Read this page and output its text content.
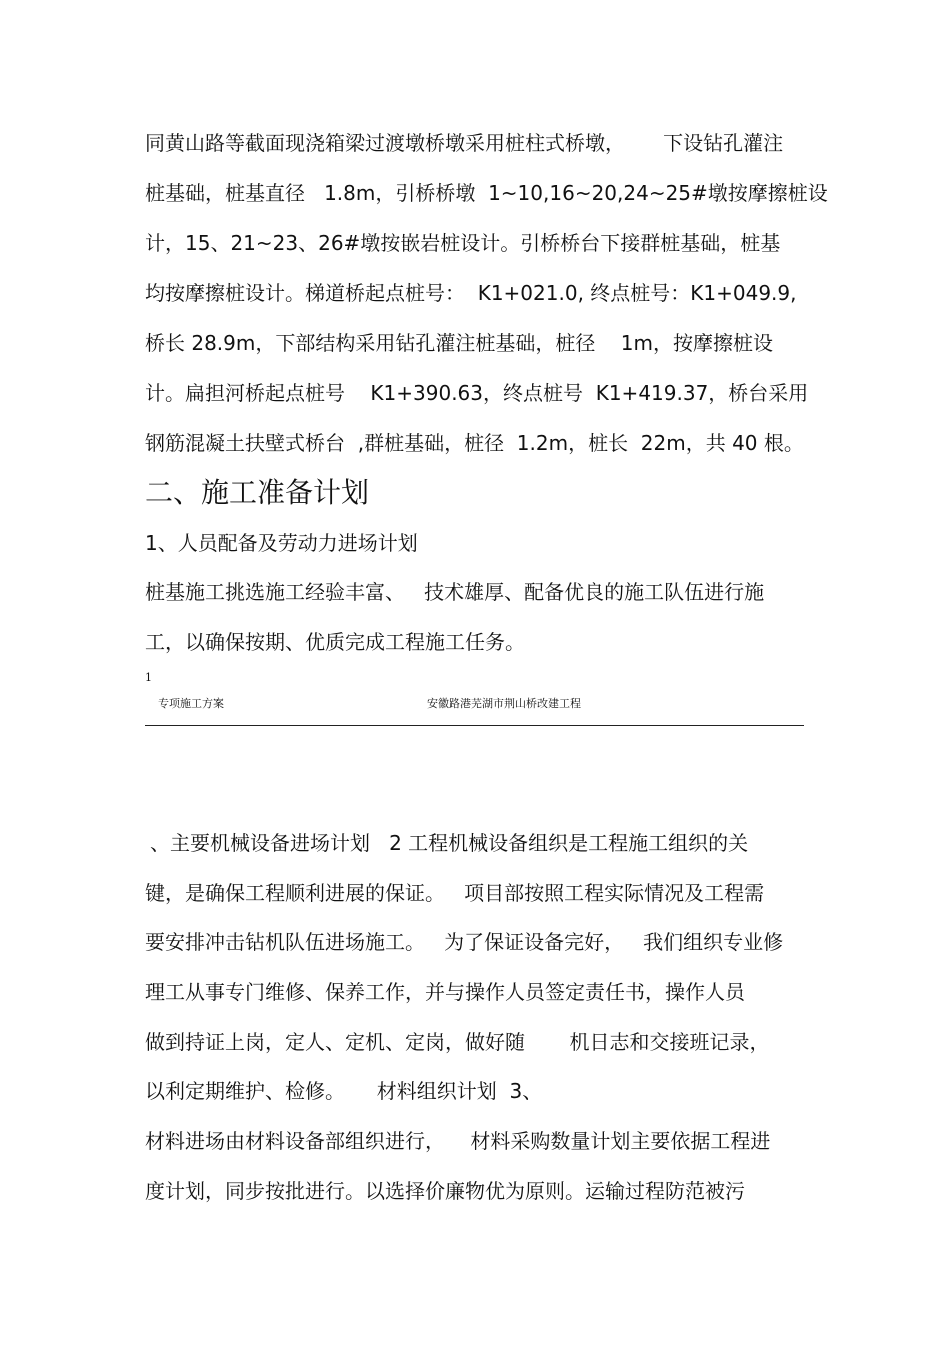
同黄山路等截面现浇箱梁过渡墩桥墩采用桩柱式桥墩，      下设钻孔灌注
桩基础，桩基直径   1.8m，引桥桥墩  1~10,16~20,24~25#墩按摩擦桩设
计，15、21~23、26#墩按嵌岩桩设计。引桥桥台下接群桩基础，桩基
均按摩擦桩设计。梯道桥起点桩号：  K1+021.0, 终点桩号：K1+049.9,
桥长 28.9m，下部结构采用钻孔灌注桩基础，桩径    1m，按摩擦桩设
计。扁担河桥起点桩号    K1+390.63，终点桩号  K1+419.37，桥台采用
钢筋混凝土扶壁式桥台  ,群桩基础，桩径  1.2m，桩长  22m，共 40 根。
二、施工准备计划
1、人员配备及劳动力进场计划
桩基施工挑选施工经验丰富、   技术雄厚、配备优良的施工队伍进行施
工，以确保按期、优质完成工程施工任务。
1
专项施工方案	安徽路港芜湖市荆山桥改建工程
、主要机械设备进场计划   2 工程机械设备组织是工程施工组织的关
键，是确保工程顺利进展的保证。   项目部按照工程实际情况及工程需
要安排冲击钻机队伍进场施工。   为了保证设备完好，   我们组织专业修
理工从事专门维修、保养工作，并与操作人员签定责任书，操作人员
做到持证上岗，定人、定机、定岗，做好随       机日志和交接班记录，
以利定期维护、检修。     材料组织计划  3、
材料进场由材料设备部组织进行，    材料采购数量计划主要依据工程进
度计划，同步按批进行。以选择价廉物优为原则。运输过程防范被污
